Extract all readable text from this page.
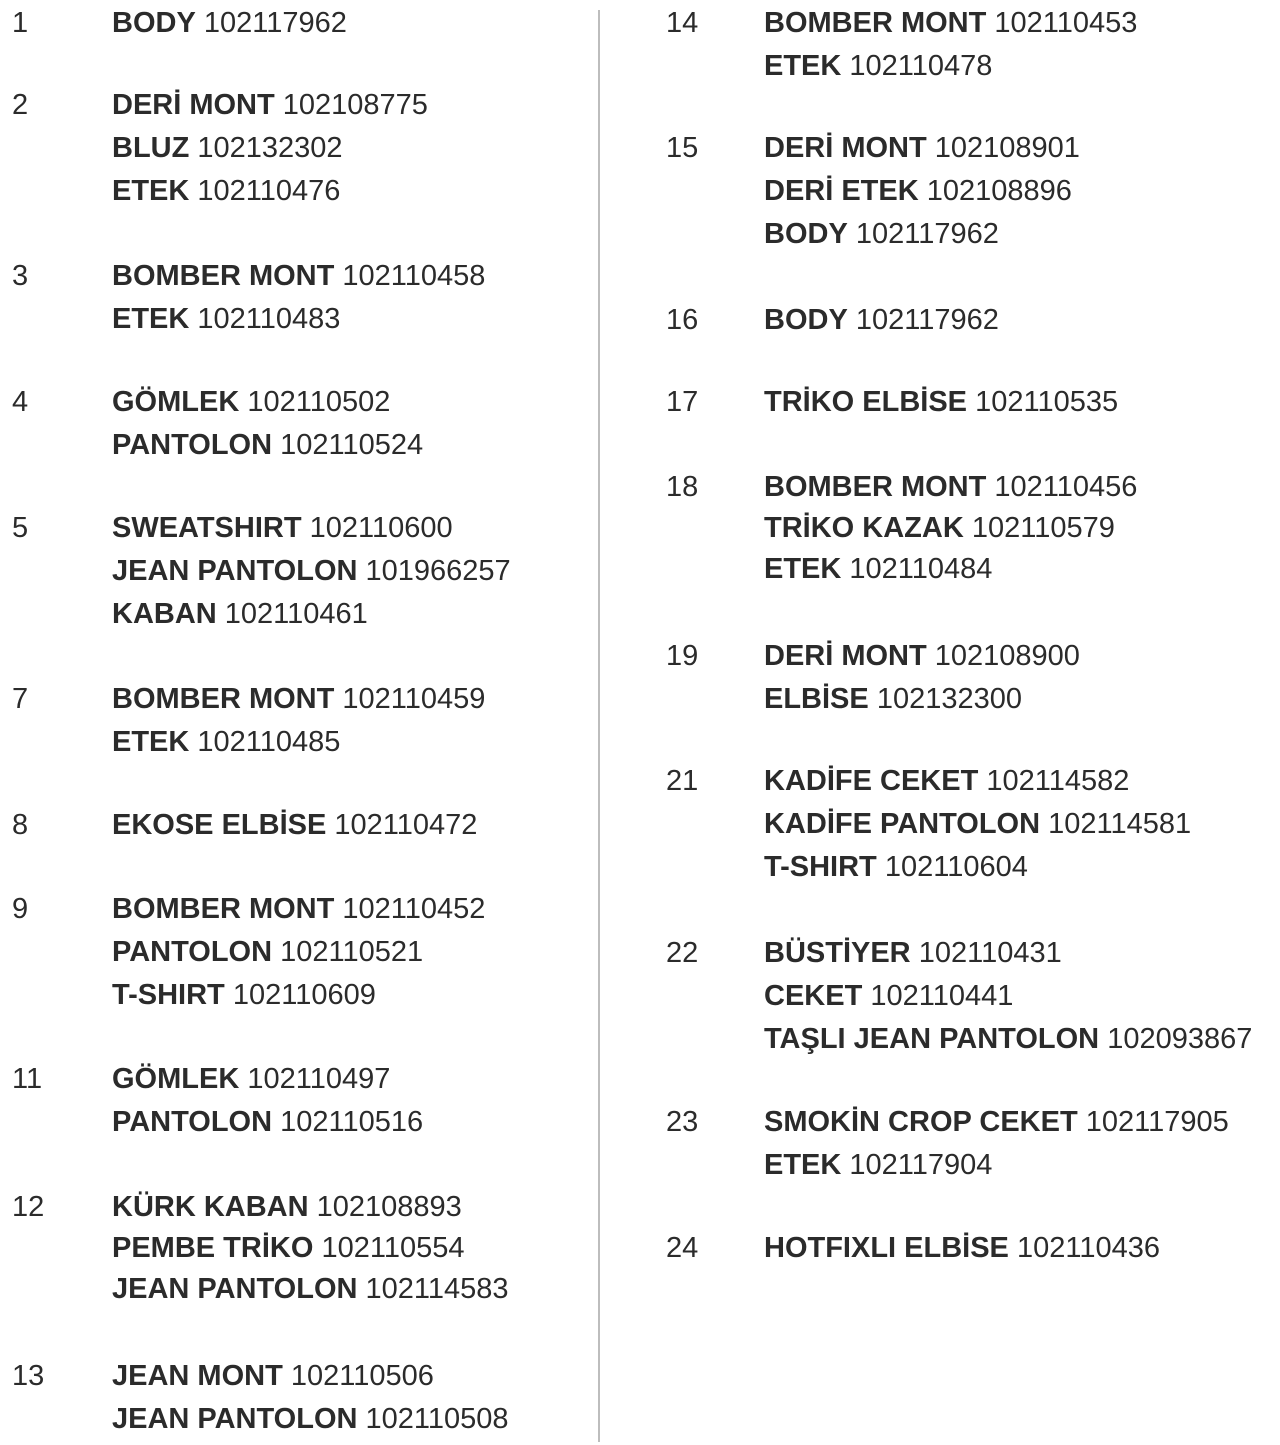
1	BODY 102117962
2	DERİ MONT 102108775
BLUZ 102132302
ETEK 102110476
3	BOMBER MONT 102110458
ETEK 102110483
4	GÖMLEK 102110502
PANTOLON 102110524
5	SWEATSHIRT 102110600
JEAN PANTOLON 101966257
KABAN 102110461
7	BOMBER MONT 102110459
ETEK 102110485
8	EKOSE ELBİSE 102110472
9	BOMBER MONT 102110452
PANTOLON 102110521
T-SHIRT 102110609
11 GÖMLEK 102110497
PANTOLON 102110516
12 KÜRK KABAN 102108893
PEMBE TRİKO 102110554
JEAN PANTOLON 102114583
13 JEAN MONT 102110506
JEAN PANTOLON 102110508
14 BOMBER MONT 102110453
ETEK 102110478
15 DERİ MONT 102108901
DERİ ETEK 102108896
BODY 102117962
16 BODY 102117962
17 TRİKO ELBİSE 102110535
18 BOMBER MONT 102110456
TRİKO KAZAK 102110579
ETEK 102110484
19 DERİ MONT 102108900
ELBİSE 102132300
21 KADİFE CEKET 102114582
KADİFE PANTOLON 102114581
T-SHIRT 102110604
22 BÜSTİYER 102110431
CEKET 102110441
TAŞLI JEAN PANTOLON 102093867
23 SMOKİN CROP CEKET 102117905
ETEK 102117904
24 HOTFIXLI ELBİSE 102110436
